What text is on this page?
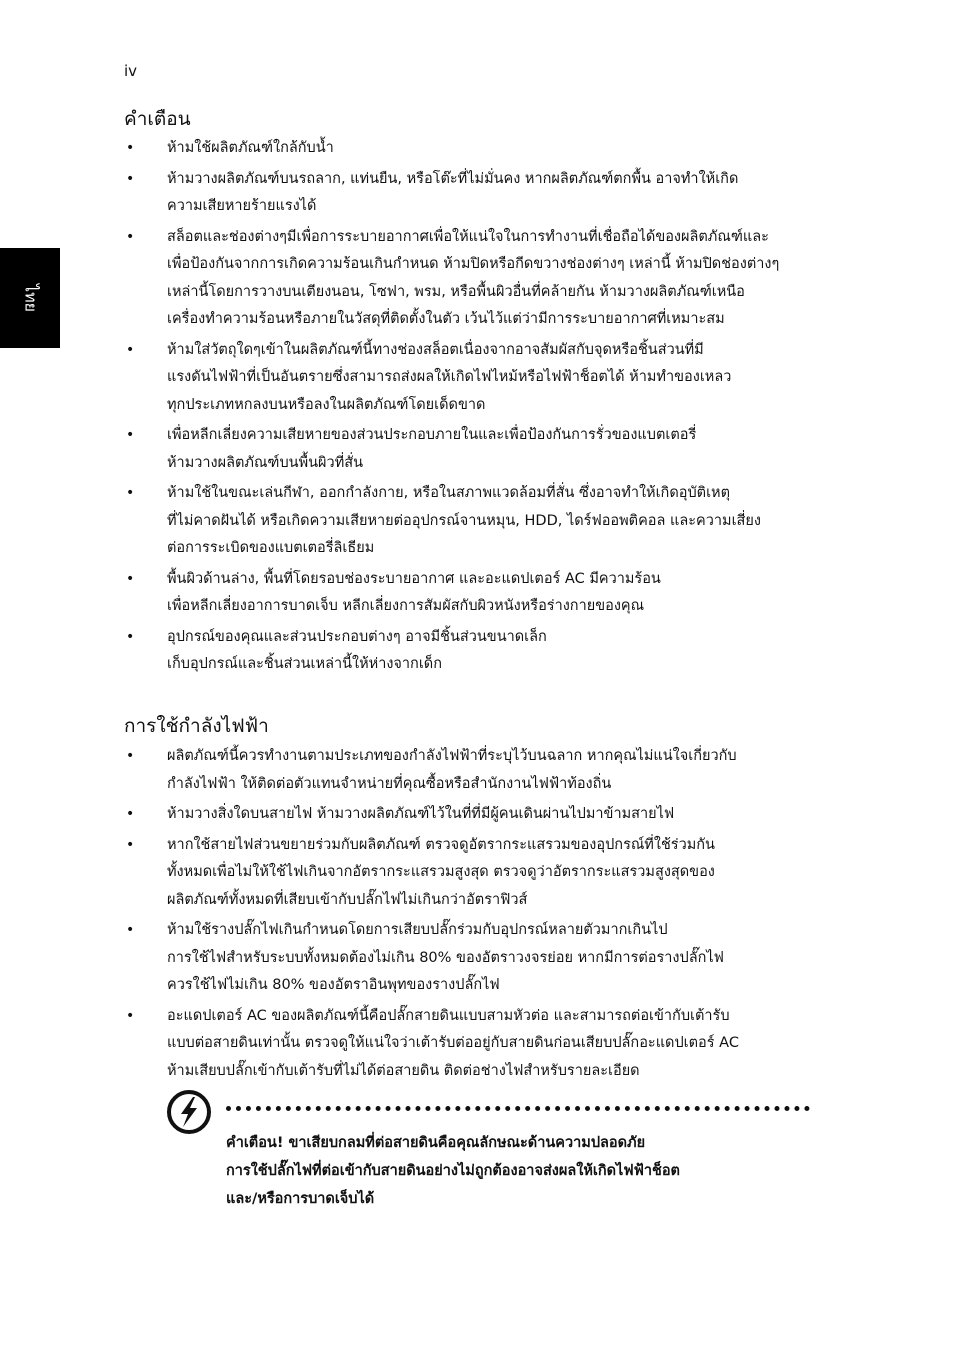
iv
ไทย
คำเตือน
• ห้ามใช้ผลิตภัณฑ์ใกล้กับน้ำ
• ห้ามวางผลิตภัณฑ์บนรถลาก, แท่นยืน, หรือโต๊ะที่ไม่มั่นคง หากผลิตภัณฑ์ตกพื้น อาจทำให้เกิด
ความเสียหายร้ายแรงได้
• สล็อตและช่องต่างๆมีเพื่อการระบายอากาศเพื่อให้แน่ใจในการทำงานที่เชื่อถือได้ของผลิตภัณฑ์และ
เพื่อป้องกันจากการเกิดความร้อนเกินกำหนด ห้ามปิดหรือกีดขวางช่องต่างๆ เหล่านี้ ห้ามปิดช่องต่างๆ
เหล่านี้โดยการวางบนเตียงนอน, โซฟา, พรม, หรือพื้นผิวอื่นที่คล้ายกัน ห้ามวางผลิตภัณฑ์เหนือ
เครื่องทำความร้อนหรือภายในวัสดุที่ติดตั้งในตัว เว้นไว้แต่ว่ามีการระบายอากาศที่เหมาะสม
• ห้ามใส่วัตถุใดๆเข้าในผลิตภัณฑ์นี้ทางช่องสล็อตเนื่องจากอาจสัมผัสกับจุดหรือชิ้นส่วนที่มี
แรงดันไฟฟ้าที่เป็นอันตรายซึ่งสามารถส่งผลให้เกิดไฟไหม้หรือไฟฟ้าช็อตได้ ห้ามทำของเหลว
ทุกประเภทหกลงบนหรือลงในผลิตภัณฑ์โดยเด็ดขาด
• เพื่อหลีกเลี่ยงความเสียหายของส่วนประกอบภายในและเพื่อป้องกันการรั่วของแบตเตอรี่
ห้ามวางผลิตภัณฑ์บนพื้นผิวที่สั่น
• ห้ามใช้ในขณะเล่นกีฬา, ออกกำลังกาย, หรือในสภาพแวดล้อมที่สั่น ซึ่งอาจทำให้เกิดอุบัติเหตุ
ที่ไม่คาดฝันได้ หรือเกิดความเสียหายต่ออุปกรณ์จานหมุน, HDD, ไดร์ฟออพติคอล และความเสี่ยง
ต่อการระเบิดของแบตเตอรี่ลิเธียม
• พื้นผิวด้านล่าง, พื้นที่โดยรอบช่องระบายอากาศ และอะแดปเตอร์ AC มีความร้อน
เพื่อหลีกเลี่ยงอาการบาดเจ็บ หลีกเลี่ยงการสัมผัสกับผิวหนังหรือร่างกายของคุณ
• อุปกรณ์ของคุณและส่วนประกอบต่างๆ อาจมีชิ้นส่วนขนาดเล็ก
เก็บอุปกรณ์และชิ้นส่วนเหล่านี้ให้ห่างจากเด็ก
การใช้กำลังไฟฟ้า
• ผลิตภัณฑ์นี้ควรทำงานตามประเภทของกำลังไฟฟ้าที่ระบุไว้บนฉลาก หากคุณไม่แน่ใจเกี่ยวกับ
กำลังไฟฟ้า ให้ติดต่อตัวแทนจำหน่ายที่คุณซื้อหรือสำนักงานไฟฟ้าท้องถิ่น
• ห้ามวางสิ่งใดบนสายไฟ ห้ามวางผลิตภัณฑ์ไว้ในที่ที่มีผู้คนเดินผ่านไปมาข้ามสายไฟ
• หากใช้สายไฟส่วนขยายร่วมกับผลิตภัณฑ์ ตรวจดูอัตรากระแสรวมของอุปกรณ์ที่ใช้ร่วมกัน
ทั้งหมดเพื่อไม่ให้ใช้ไฟเกินจากอัตรากระแสรวมสูงสุด ตรวจดูว่าอัตรากระแสรวมสูงสุดของ
ผลิตภัณฑ์ทั้งหมดที่เสียบเข้ากับปลั๊กไฟไม่เกินกว่าอัตราฟิวส์
• ห้ามใช้รางปลั๊กไฟเกินกำหนดโดยการเสียบปลั๊กร่วมกับอุปกรณ์หลายตัวมากเกินไป
การใช้ไฟสำหรับระบบทั้งหมดต้องไม่เกิน 80% ของอัตราวงจรย่อย หากมีการต่อรางปลั๊กไฟ
ควรใช้ไฟไม่เกิน 80% ของอัตราอินพุทของรางปลั๊กไฟ
• อะแดปเตอร์ AC ของผลิตภัณฑ์นี้คือปลั๊กสายดินแบบสามหัวต่อ และสามารถต่อเข้ากับเต้ารับ
แบบต่อสายดินเท่านั้น ตรวจดูให้แน่ใจว่าเต้ารับต่ออยู่กับสายดินก่อนเสียบปลั๊กอะแดปเตอร์ AC
ห้ามเสียบปลั๊กเข้ากับเต้ารับที่ไม่ได้ต่อสายดิน ติดต่อช่างไฟสำหรับรายละเอียด
คำเตือน! ขาเสียบกลมที่ต่อสายดินคือคุณลักษณะด้านความปลอดภัย
การใช้ปลั๊กไฟที่ต่อเข้ากับสายดินอย่างไม่ถูกต้องอาจส่งผลให้เกิดไฟฟ้าช็อต
และ/หรือการบาดเจ็บได้
